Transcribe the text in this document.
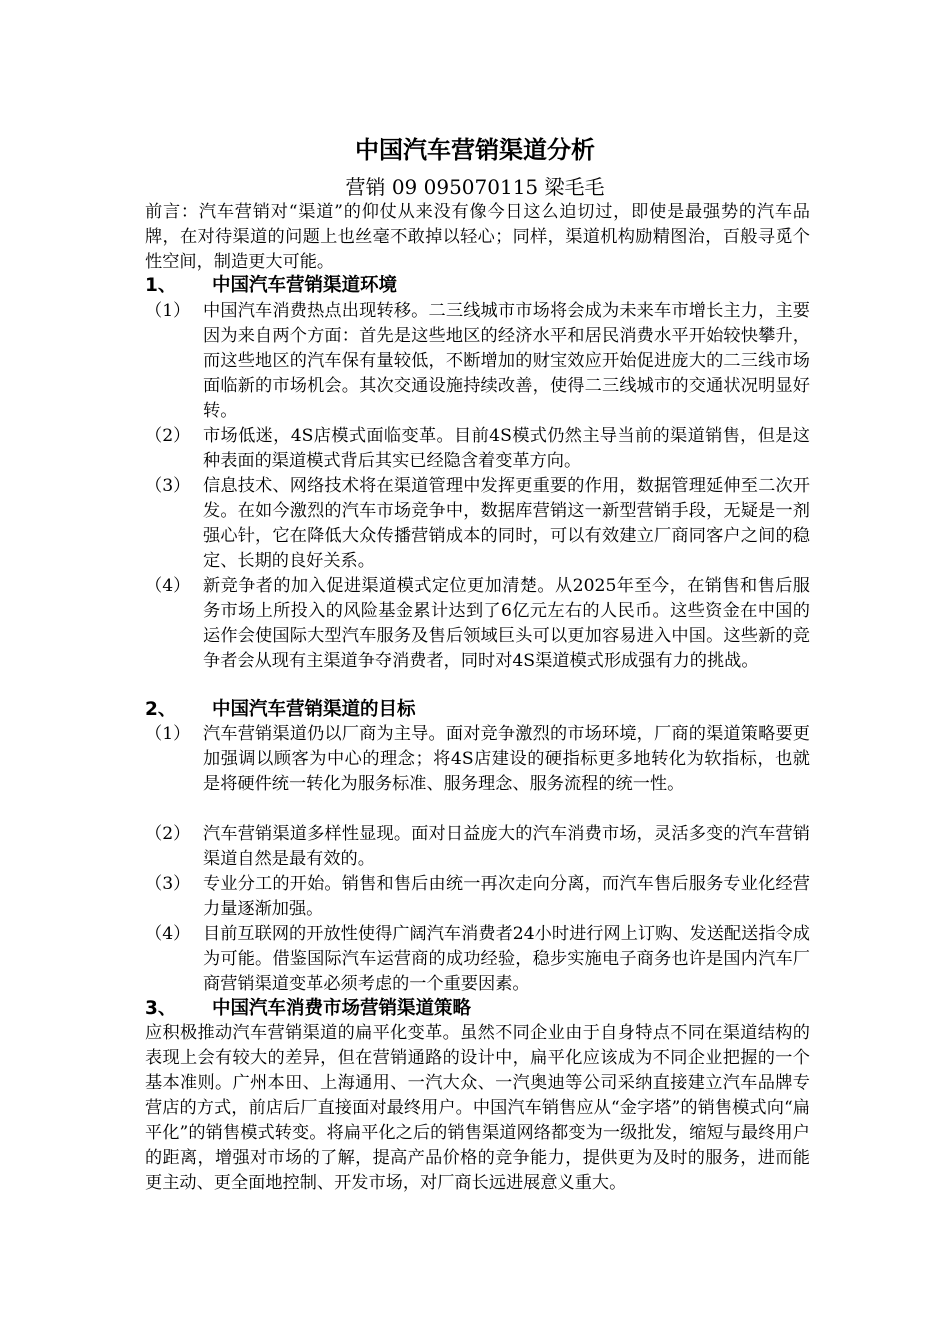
中国汽车营销渠道分析
营销 09 095070115 梁毛毛

前言：汽车营销对“渠道”的仰仗从来没有像今日这么迫切过，即使是最强势的汽车品牌，在对待渠道的问题上也丝毫不敢掉以轻心；同样，渠道机构励精图治，百般寻觅个性空间，制造更大可能。

1、 中国汽车营销渠道环境
（1） 中国汽车消费热点出现转移。二三线城市市场将会成为未来车市增长主力，主要因为来自两个方面：首先是这些地区的经济水平和居民消费水平开始较快攀升，而这些地区的汽车保有量较低，不断增加的财宝效应开始促进庞大的二三线市场面临新的市场机会。其次交通设施持续改善，使得二三线城市的交通状况明显好转。
（2） 市场低迷，4S店模式面临变革。目前4S模式仍然主导当前的渠道销售，但是这种表面的渠道模式背后其实已经隐含着变革方向。
（3） 信息技术、网络技术将在渠道管理中发挥更重要的作用，数据管理延伸至二次开发。在如今激烈的汽车市场竞争中，数据库营销这一新型营销手段，无疑是一剂强心针，它在降低大众传播营销成本的同时，可以有效建立厂商同客户之间的稳定、长期的良好关系。
（4） 新竞争者的加入促进渠道模式定位更加清楚。从2025年至今，在销售和售后服务市场上所投入的风险基金累计达到了6亿元左右的人民币。这些资金在中国的运作会使国际大型汽车服务及售后领域巨头可以更加容易进入中国。这些新的竞争者会从现有主渠道争夺消费者，同时对4S渠道模式形成强有力的挑战。
2、 中国汽车营销渠道的目标
（1） 汽车营销渠道仍以厂商为主导。面对竞争激烈的市场环境，厂商的渠道策略要更加强调以顾客为中心的理念；将4S店建设的硬指标更多地转化为软指标，也就是将硬件统一转化为服务标准、服务理念、服务流程的统一性。
（2） 汽车营销渠道多样性显现。面对日益庞大的汽车消费市场，灵活多变的汽车营销渠道自然是最有效的。
（3） 专业分工的开始。销售和售后由统一再次走向分离，而汽车售后服务专业化经营力量逐渐加强。
（4） 目前互联网的开放性使得广阔汽车消费者24小时进行网上订购、发送配送指令成为可能。借鉴国际汽车运营商的成功经验，稳步实施电子商务也许是国内汽车厂商营销渠道变革必须考虑的一个重要因素。
3、 中国汽车消费市场营销渠道策略

应积极推动汽车营销渠道的扁平化变革。虽然不同企业由于自身特点不同在渠道结构的表现上会有较大的差异，但在营销通路的设计中，扁平化应该成为不同企业把握的一个基本准则。广州本田、上海通用、一汽大众、一汽奥迪等公司采纳直接建立汽车品牌专营店的方式，前店后厂直接面对最终用户。中国汽车销售应从“金字塔”的销售模式向“扁平化”的销售模式转变。将扁平化之后的销售渠道网络都变为一级批发，缩短与最终用户的距离，增强对市场的了解，提高产品价格的竞争能力，提供更为及时的服务，进而能更主动、更全面地控制、开发市场，对厂商长远进展意义重大。
